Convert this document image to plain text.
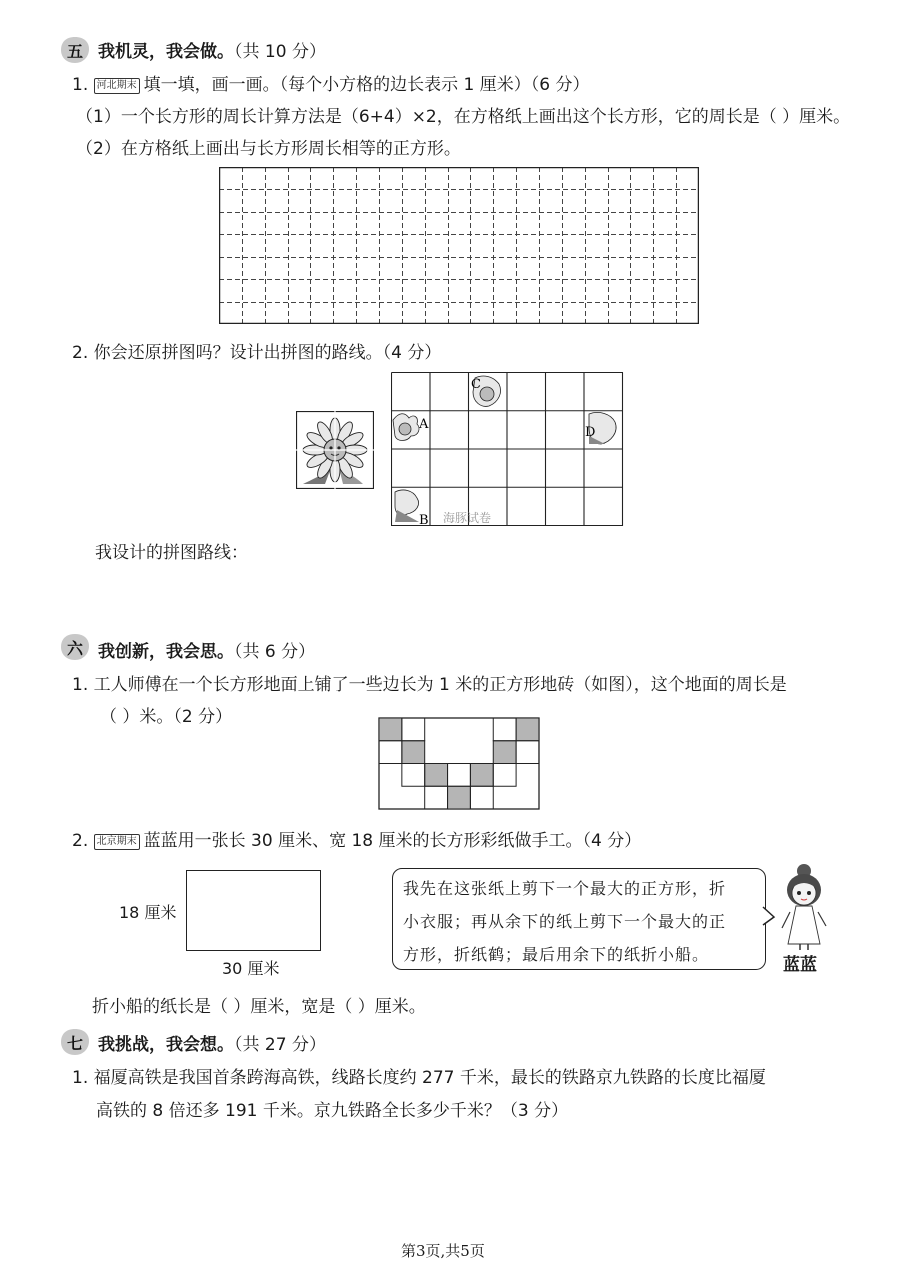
五 我机灵，我会做。（共 10 分）
1. 河北期末 填一填，画一画。（每个小方格的边长表示 1 厘米）（6 分）
（1）一个长方形的周长计算方法是（6+4）×2，在方格纸上画出这个长方形，它的周长是（ ）厘米。
（2）在方格纸上画出与长方形周长相等的正方形。
2. 你会还原拼图吗？设计出拼图的路线。（4 分）
C
A
D
B 海豚试卷
我设计的拼图路线：
六 我创新，我会思。（共 6 分）
1. 工人师傅在一个长方形地面上铺了一些边长为 1 米的正方形地砖（如图），这个地面的周长是
（ ）米。（2 分）
2. 北京期末 蓝蓝用一张长 30 厘米、宽 18 厘米的长方形彩纸做手工。（4 分）
18 厘米
30 厘米
我先在这张纸上剪下一个最大的正方形，折
小衣服；再从余下的纸上剪下一个最大的正
方形，折纸鹤；最后用余下的纸折小船。
蓝蓝
折小船的纸长是（ ）厘米，宽是（ ）厘米。
七 我挑战，我会想。（共 27 分）
1. 福厦高铁是我国首条跨海高铁，线路长度约 277 千米，最长的铁路京九铁路的长度比福厦
高铁的 8 倍还多 191 千米。京九铁路全长多少千米？（3 分）
第3页,共5页
